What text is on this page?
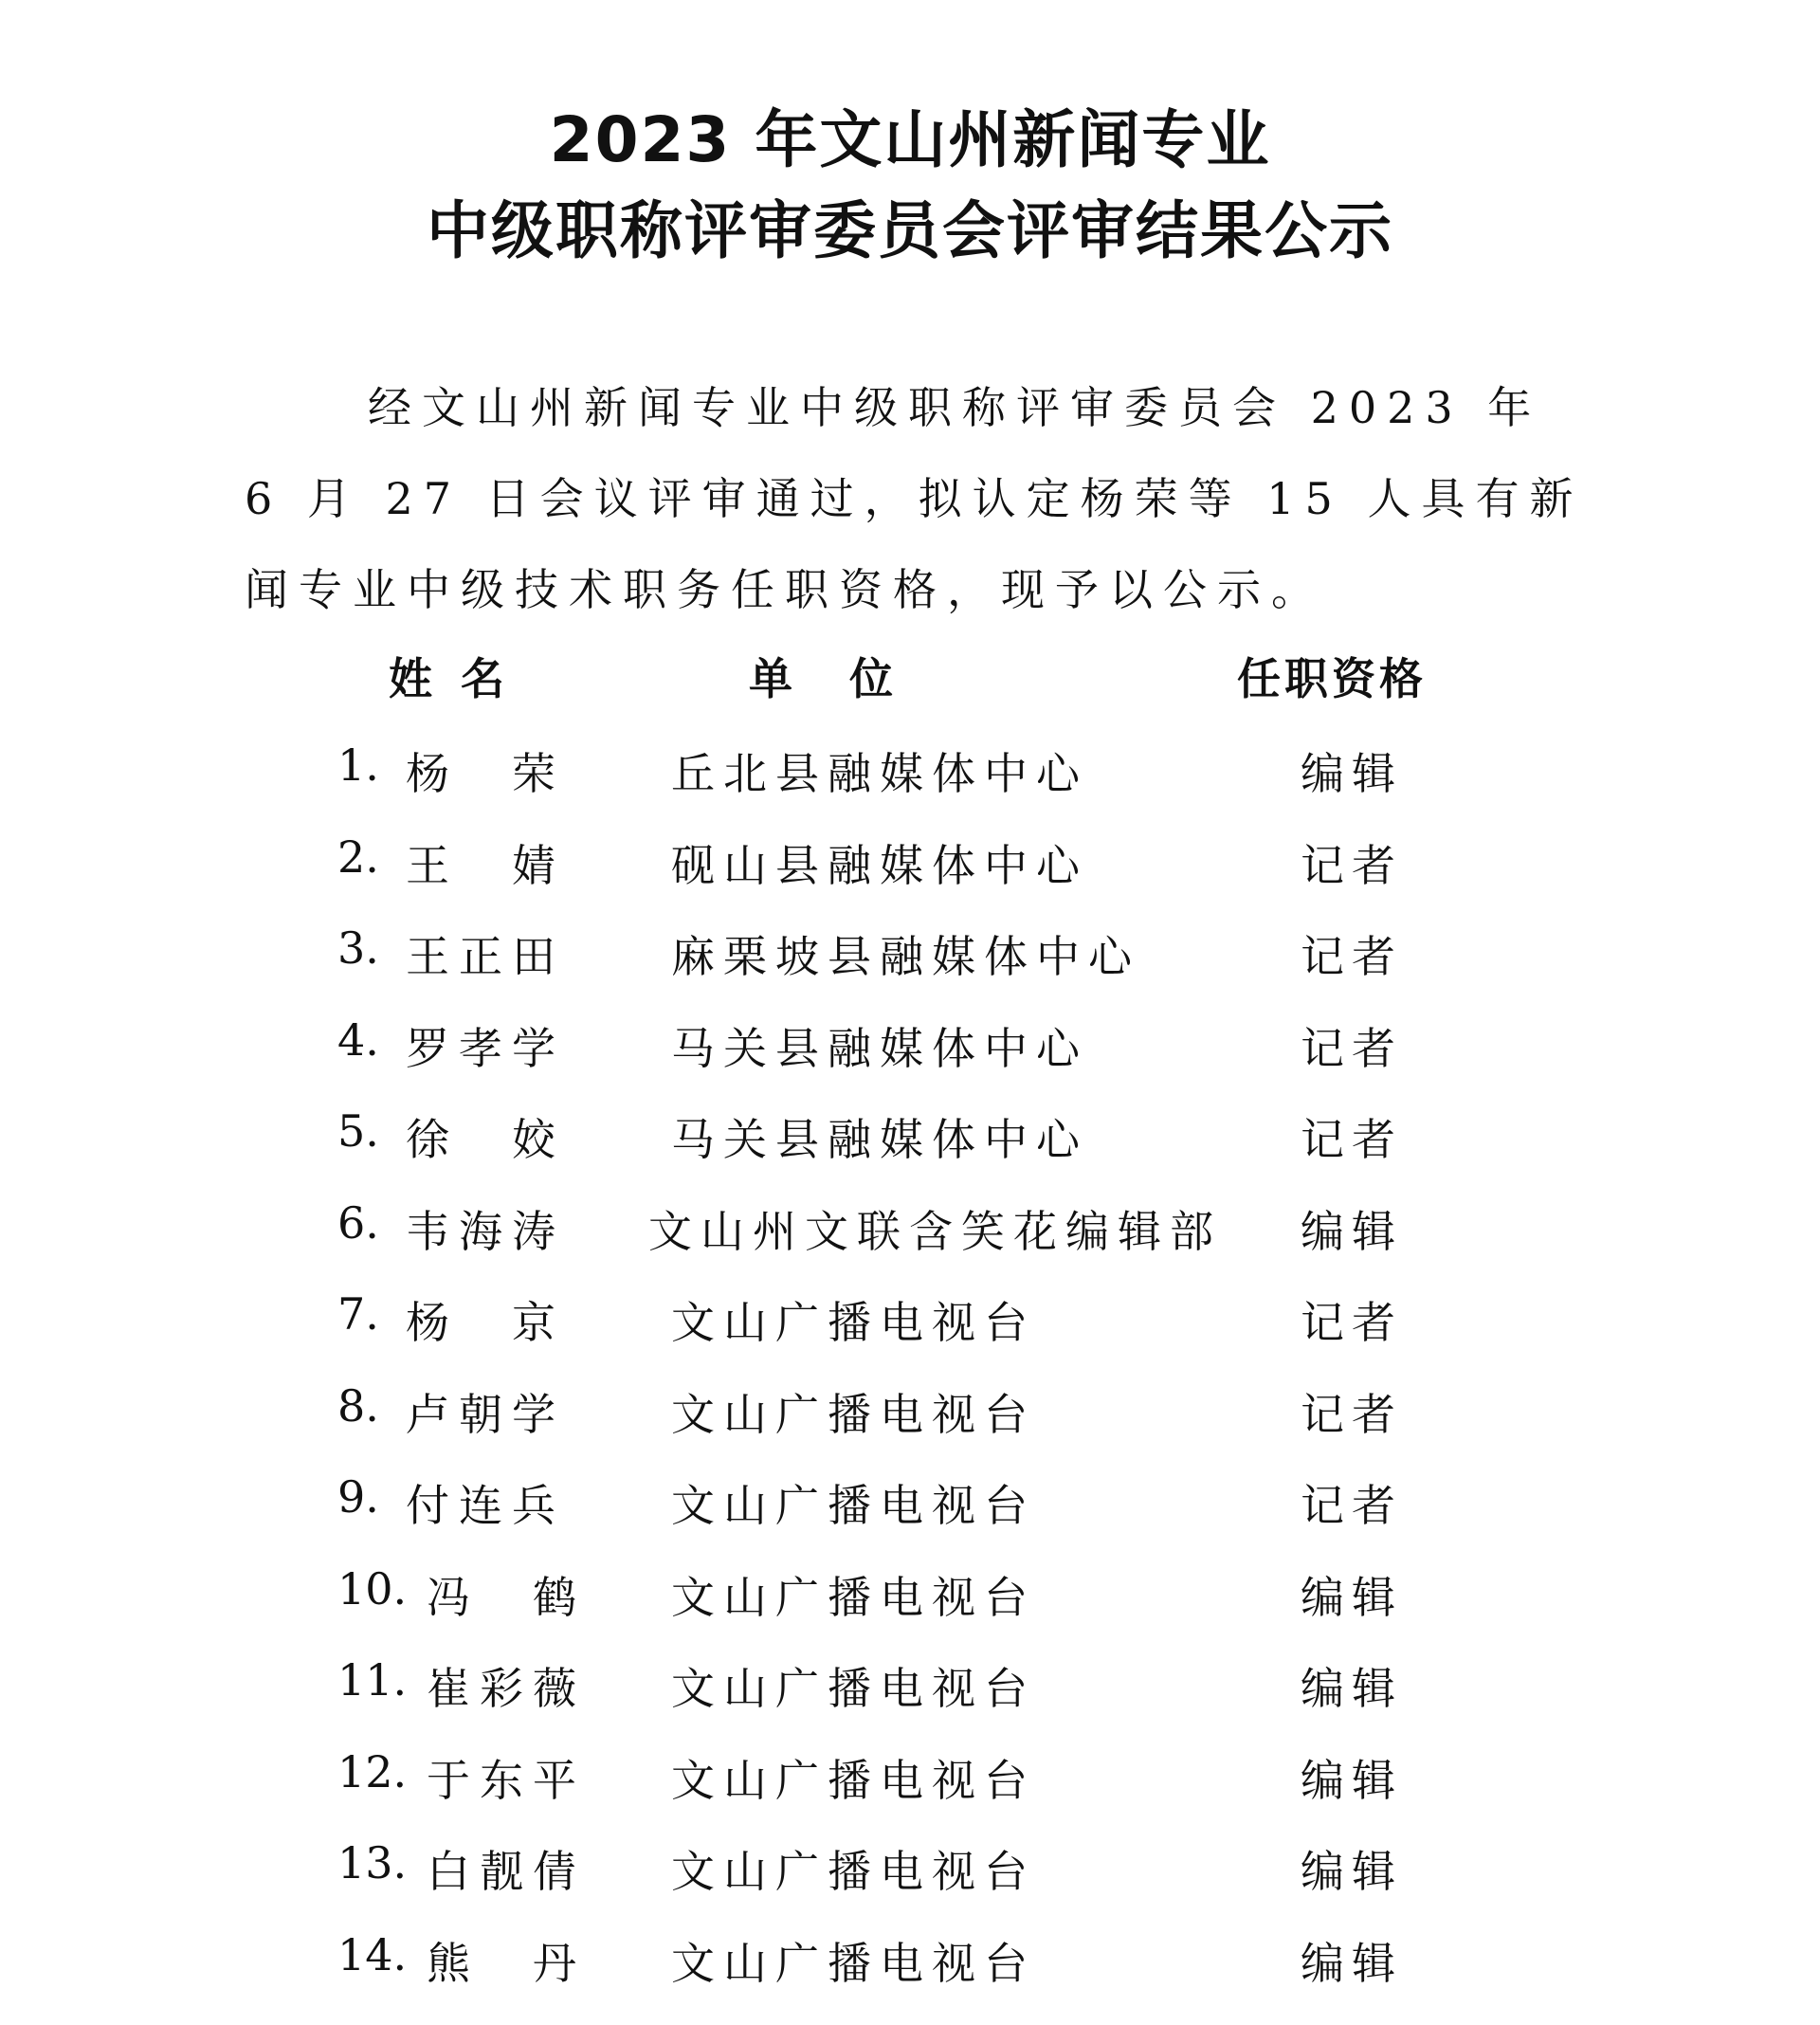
2023 年文山州新闻专业
中级职称评审委员会评审结果公示
经文山州新闻专业中级职称评审委员会 2023 年 6 月 27 日会议评审通过，拟认定杨荣等 15 人具有新闻专业中级技术职务任职资格，现予以公示。
姓名	单位	任职资格
1. 杨　荣 丘北县融媒体中心	编辑
2. 王　婧 砚山县融媒体中心	记者
3. 王正田 麻栗坡县融媒体中心	记者
4. 罗孝学 马关县融媒体中心	记者
5. 徐　姣 马关县融媒体中心	记者
6. 韦海涛 文山州文联含笑花编辑部 编辑
7. 杨　京 文山广播电视台	记者
8. 卢朝学 文山广播电视台	记者
9. 付连兵 文山广播电视台	记者
10. 冯　鹤 文山广播电视台	编辑
11. 崔彩薇 文山广播电视台	编辑
12. 于东平 文山广播电视台	编辑
13. 白靓倩 文山广播电视台	编辑
14. 熊　丹 文山广播电视台	编辑
